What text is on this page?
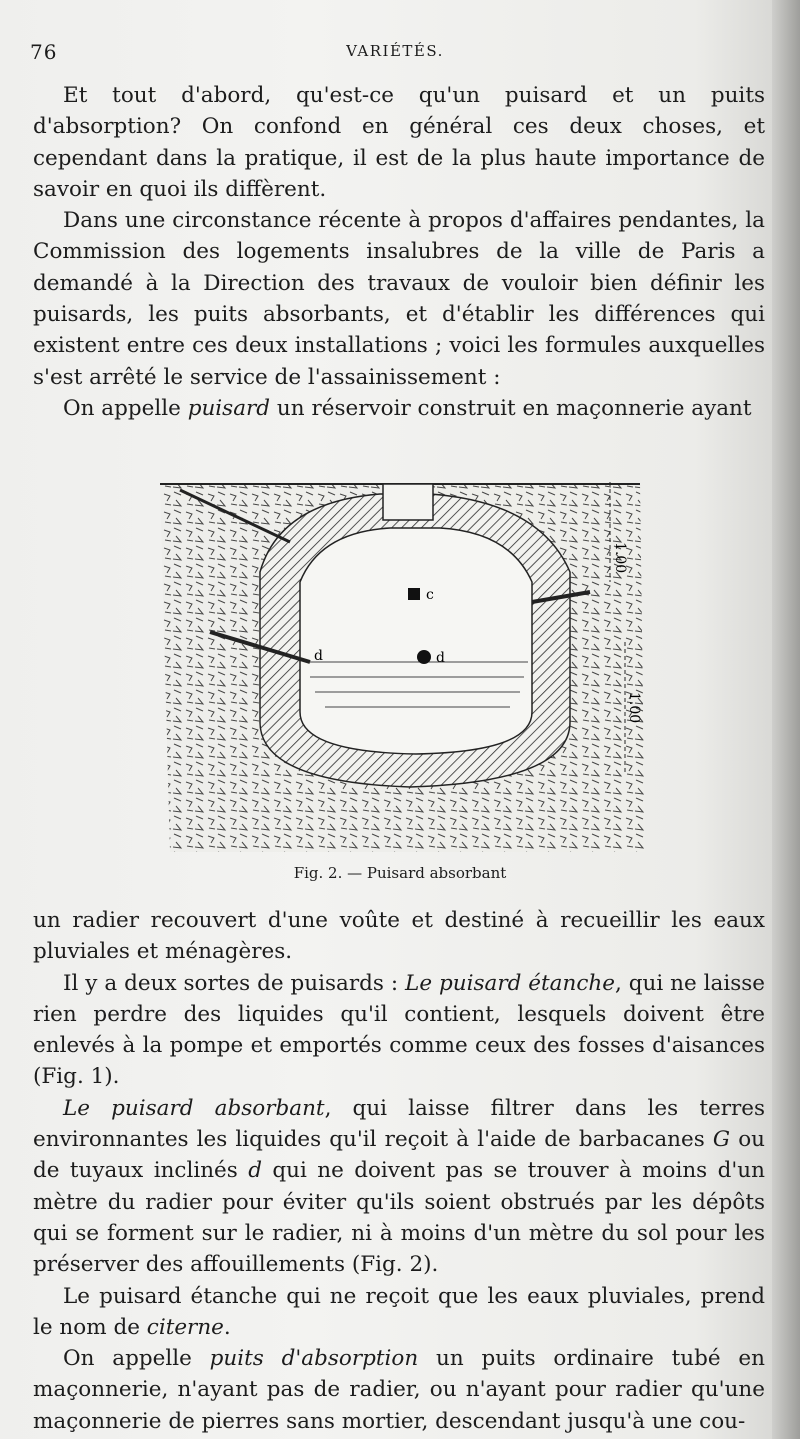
76	VARIÉTÉS.

Et tout d'abord, qu'est-ce qu'un puisard et un puits d'absorption? On confond en général ces deux choses, et cependant dans la pratique, il est de la plus haute importance de savoir en quoi ils diffèrent.

Dans une circonstance récente à propos d'affaires pendantes, la Commission des logements insalubres de la ville de Paris a demandé à la Direction des travaux de vouloir bien définir les puisards, les puits absorbants, et d'établir les différences qui existent entre ces deux installations ; voici les formules auxquelles s'est arrêté le service de l'assainissement :

On appelle puisard un réservoir construit en maçonnerie ayant

c
d
d
1.00
1.00
Fig. 2. — Puisard absorbant

un radier recouvert d'une voûte et destiné à recueillir les eaux pluviales et ménagères.

Il y a deux sortes de puisards : Le puisard étanche, qui ne laisse rien perdre des liquides qu'il contient, lesquels doivent être enlevés à la pompe et emportés comme ceux des fosses d'aisances (Fig. 1).

Le puisard absorbant, qui laisse filtrer dans les terres environnantes les liquides qu'il reçoit à l'aide de barbacanes G ou de tuyaux inclinés d qui ne doivent pas se trouver à moins d'un mètre du radier pour éviter qu'ils soient obstrués par les dépôts qui se forment sur le radier, ni à moins d'un mètre du sol pour les préserver des affouillements (Fig. 2).

Le puisard étanche qui ne reçoit que les eaux pluviales, prend le nom de citerne.

On appelle puits d'absorption un puits ordinaire tubé en maçonnerie, n'ayant pas de radier, ou n'ayant pour radier qu'une maçonnerie de pierres sans mortier, descendant jusqu'à une cou-
